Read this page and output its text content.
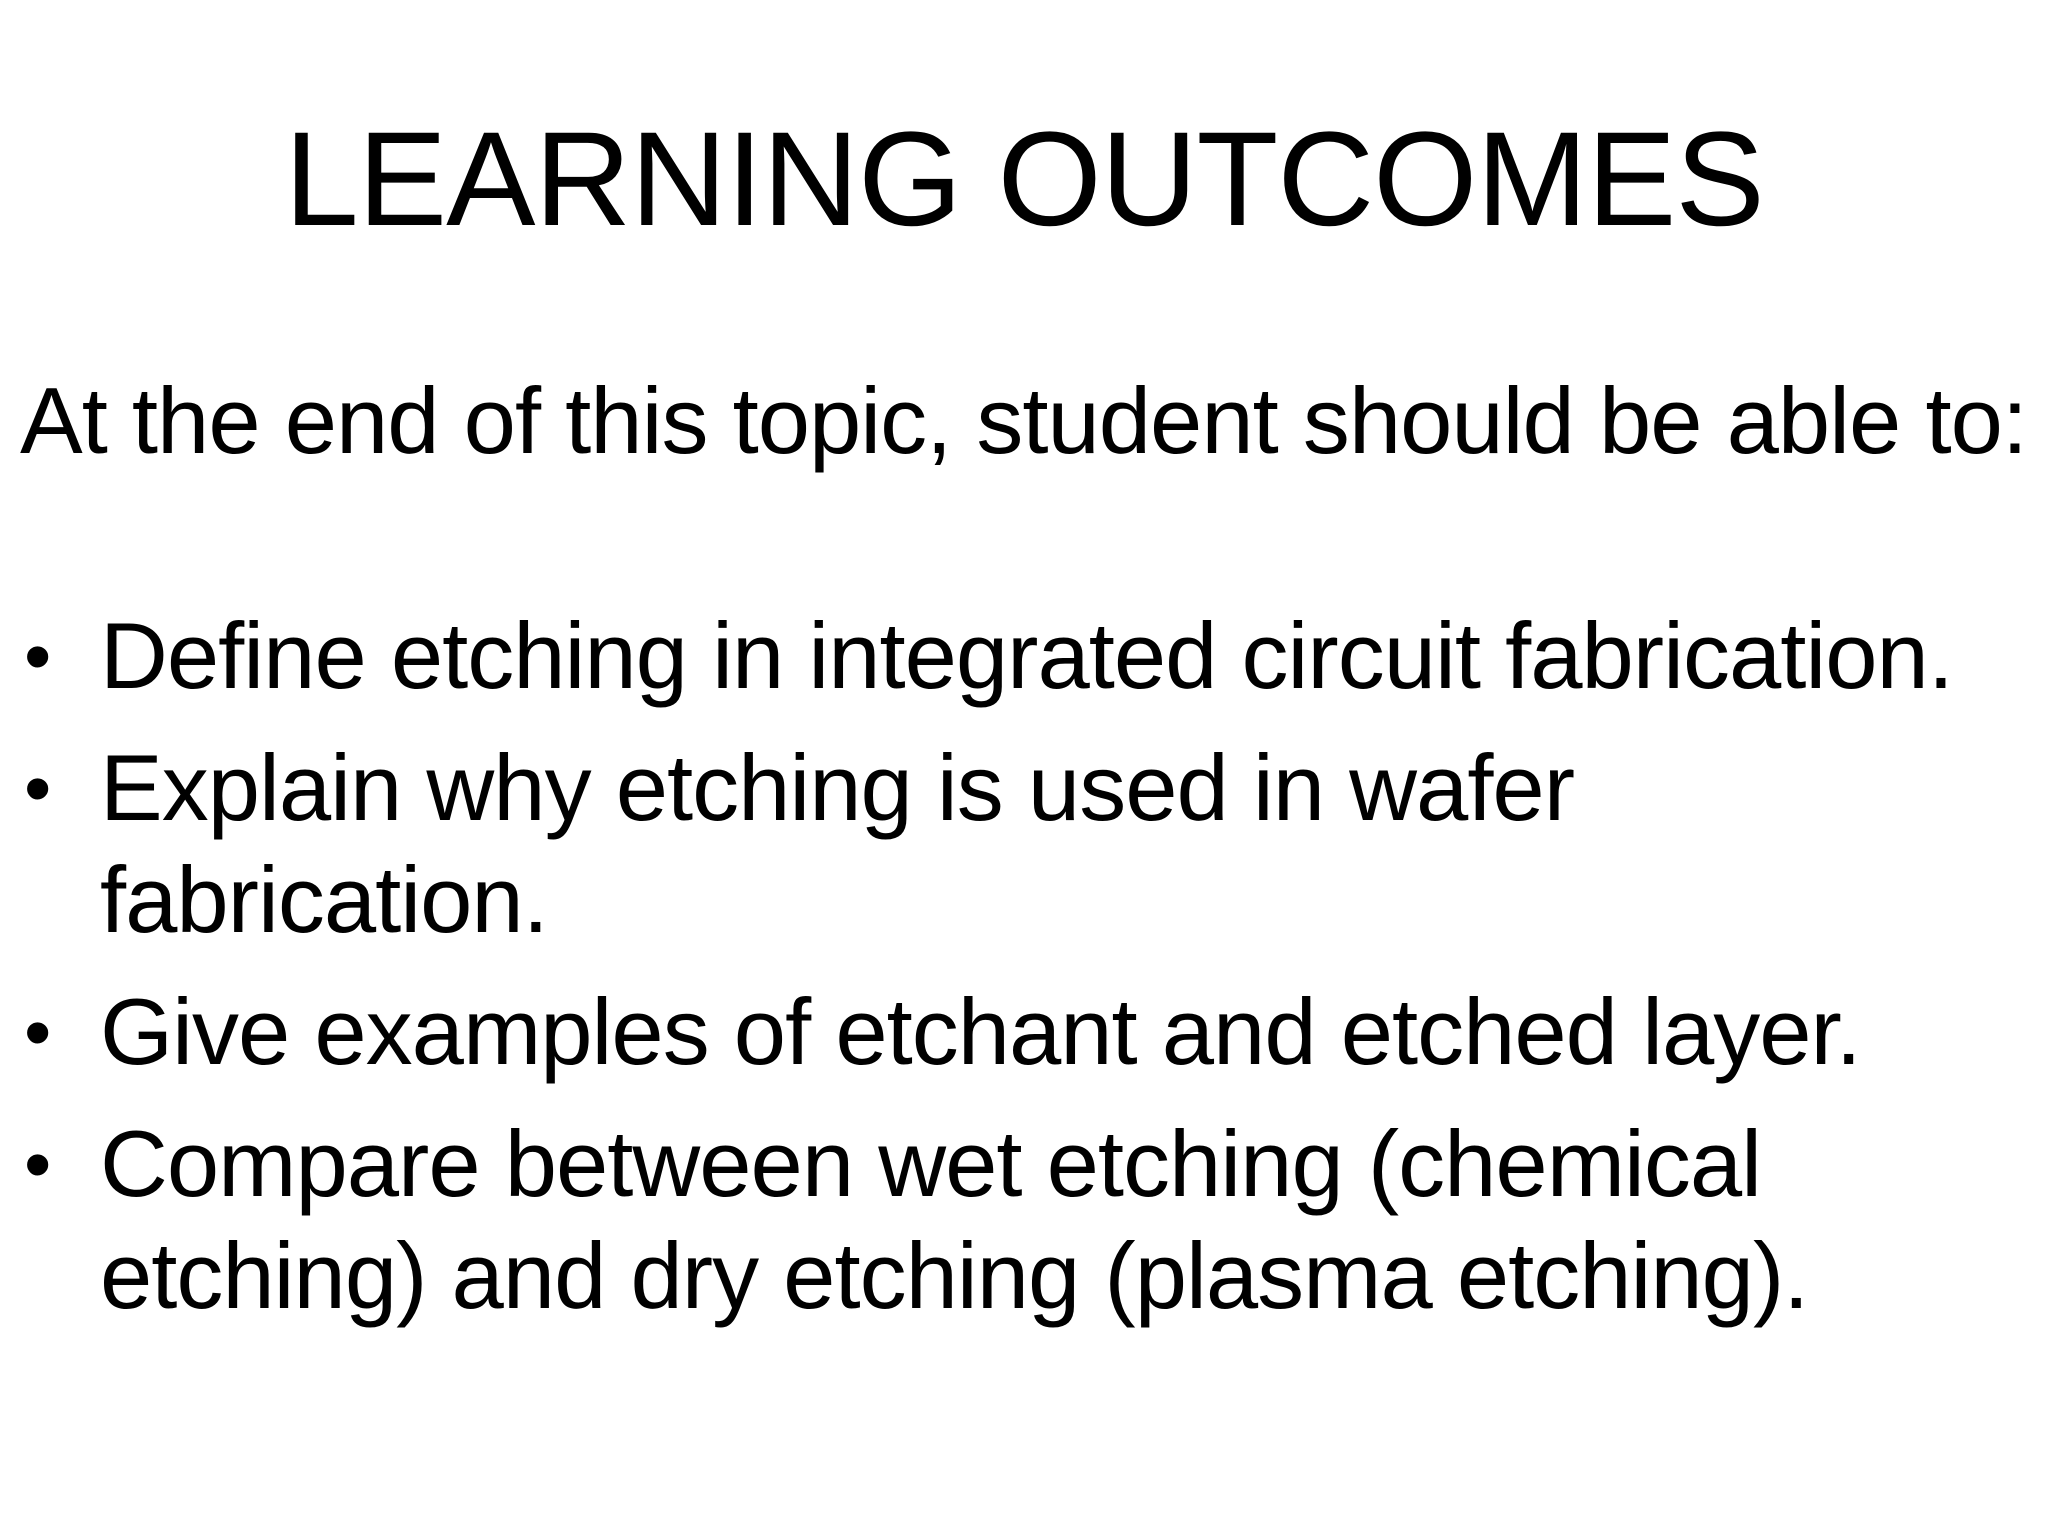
LEARNING OUTCOMES

At the end of this topic, student should be able to:

• Define etching in integrated circuit fabrication.
• Explain why etching is used in wafer fabrication.
• Give examples of etchant and etched layer.
• Compare between wet etching (chemical etching) and dry etching (plasma etching).
